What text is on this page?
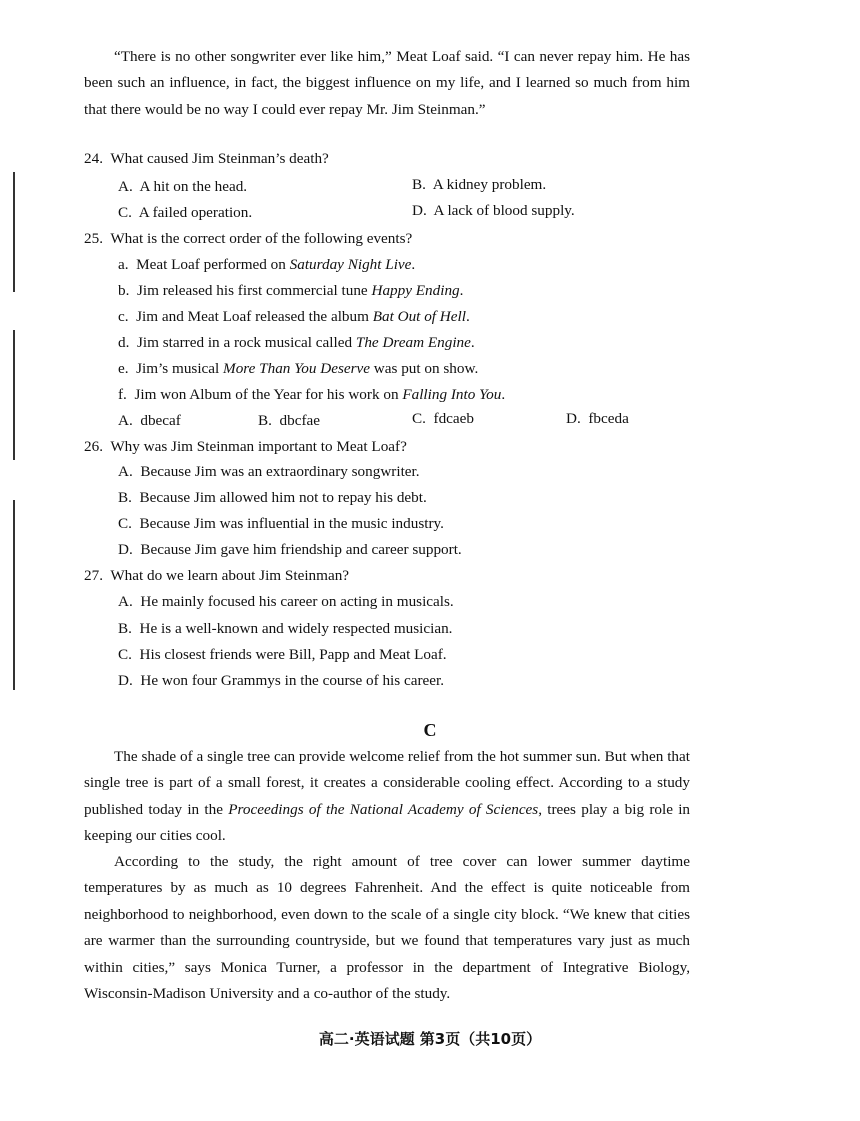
“There is no other songwriter ever like him,” Meat Loaf said. “I can never repay him. He has been such an influence, in fact, the biggest influence on my life, and I learned so much from him that there would be no way I could ever repay Mr. Jim Steinman.”

24. What caused Jim Steinman’s death?
A. A hit on the head.	B. A kidney problem.
C. A failed operation.	D. A lack of blood supply.
25. What is the correct order of the following events?
a. Meat Loaf performed on Saturday Night Live.
b. Jim released his first commercial tune Happy Ending.
c. Jim and Meat Loaf released the album Bat Out of Hell.
d. Jim starred in a rock musical called The Dream Engine.
e. Jim’s musical More Than You Deserve was put on show.
f. Jim won Album of the Year for his work on Falling Into You.
A. dbecaf	B. dbcfae	C. fdcaeb	D. fbceda
26. Why was Jim Steinman important to Meat Loaf?
A. Because Jim was an extraordinary songwriter.
B. Because Jim allowed him not to repay his debt.
C. Because Jim was influential in the music industry.
D. Because Jim gave him friendship and career support.
27. What do we learn about Jim Steinman?
A. He mainly focused his career on acting in musicals.
B. He is a well-known and widely respected musician.
C. His closest friends were Bill, Papp and Meat Loaf.
D. He won four Grammys in the course of his career.
C

The shade of a single tree can provide welcome relief from the hot summer sun. But when that single tree is part of a small forest, it creates a considerable cooling effect. According to a study published today in the Proceedings of the National Academy of Sciences, trees play a big role in keeping our cities cool.

According to the study, the right amount of tree cover can lower summer daytime temperatures by as much as 10 degrees Fahrenheit. And the effect is quite noticeable from neighborhood to neighborhood, even down to the scale of a single city block. “We knew that cities are warmer than the surrounding countryside, but we found that temperatures vary just as much within cities,” says Monica Turner, a professor in the department of Integrative Biology, Wisconsin-Madison University and a co-author of the study.

高二·英语试题 第3页（共10页）
